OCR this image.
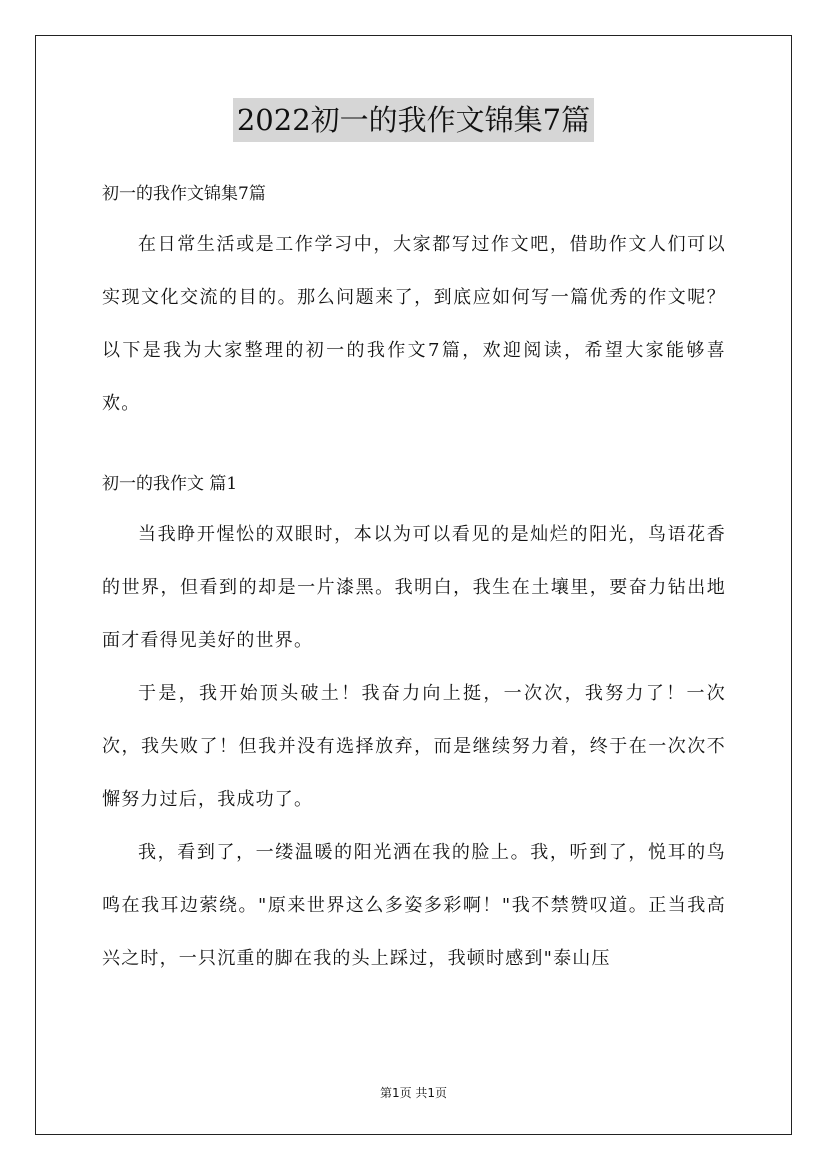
2022初一的我作文锦集7篇

初一的我作文锦集7篇

在日常生活或是工作学习中，大家都写过作文吧，借助作文人们可以实现文化交流的目的。那么问题来了，到底应如何写一篇优秀的作文呢？以下是我为大家整理的初一的我作文7篇，欢迎阅读，希望大家能够喜欢。

初一的我作文 篇1

当我睁开惺忪的双眼时，本以为可以看见的是灿烂的阳光，鸟语花香的世界，但看到的却是一片漆黑。我明白，我生在土壤里，要奋力钻出地面才看得见美好的世界。

于是，我开始顶头破土！我奋力向上挺，一次次，我努力了！一次次，我失败了！但我并没有选择放弃，而是继续努力着，终于在一次次不懈努力过后，我成功了。

我，看到了，一缕温暖的阳光洒在我的脸上。我，听到了，悦耳的鸟鸣在我耳边萦绕。"原来世界这么多姿多彩啊！"我不禁赞叹道。正当我高兴之时，一只沉重的脚在我的头上踩过，我顿时感到"泰山压

第1页 共1页
